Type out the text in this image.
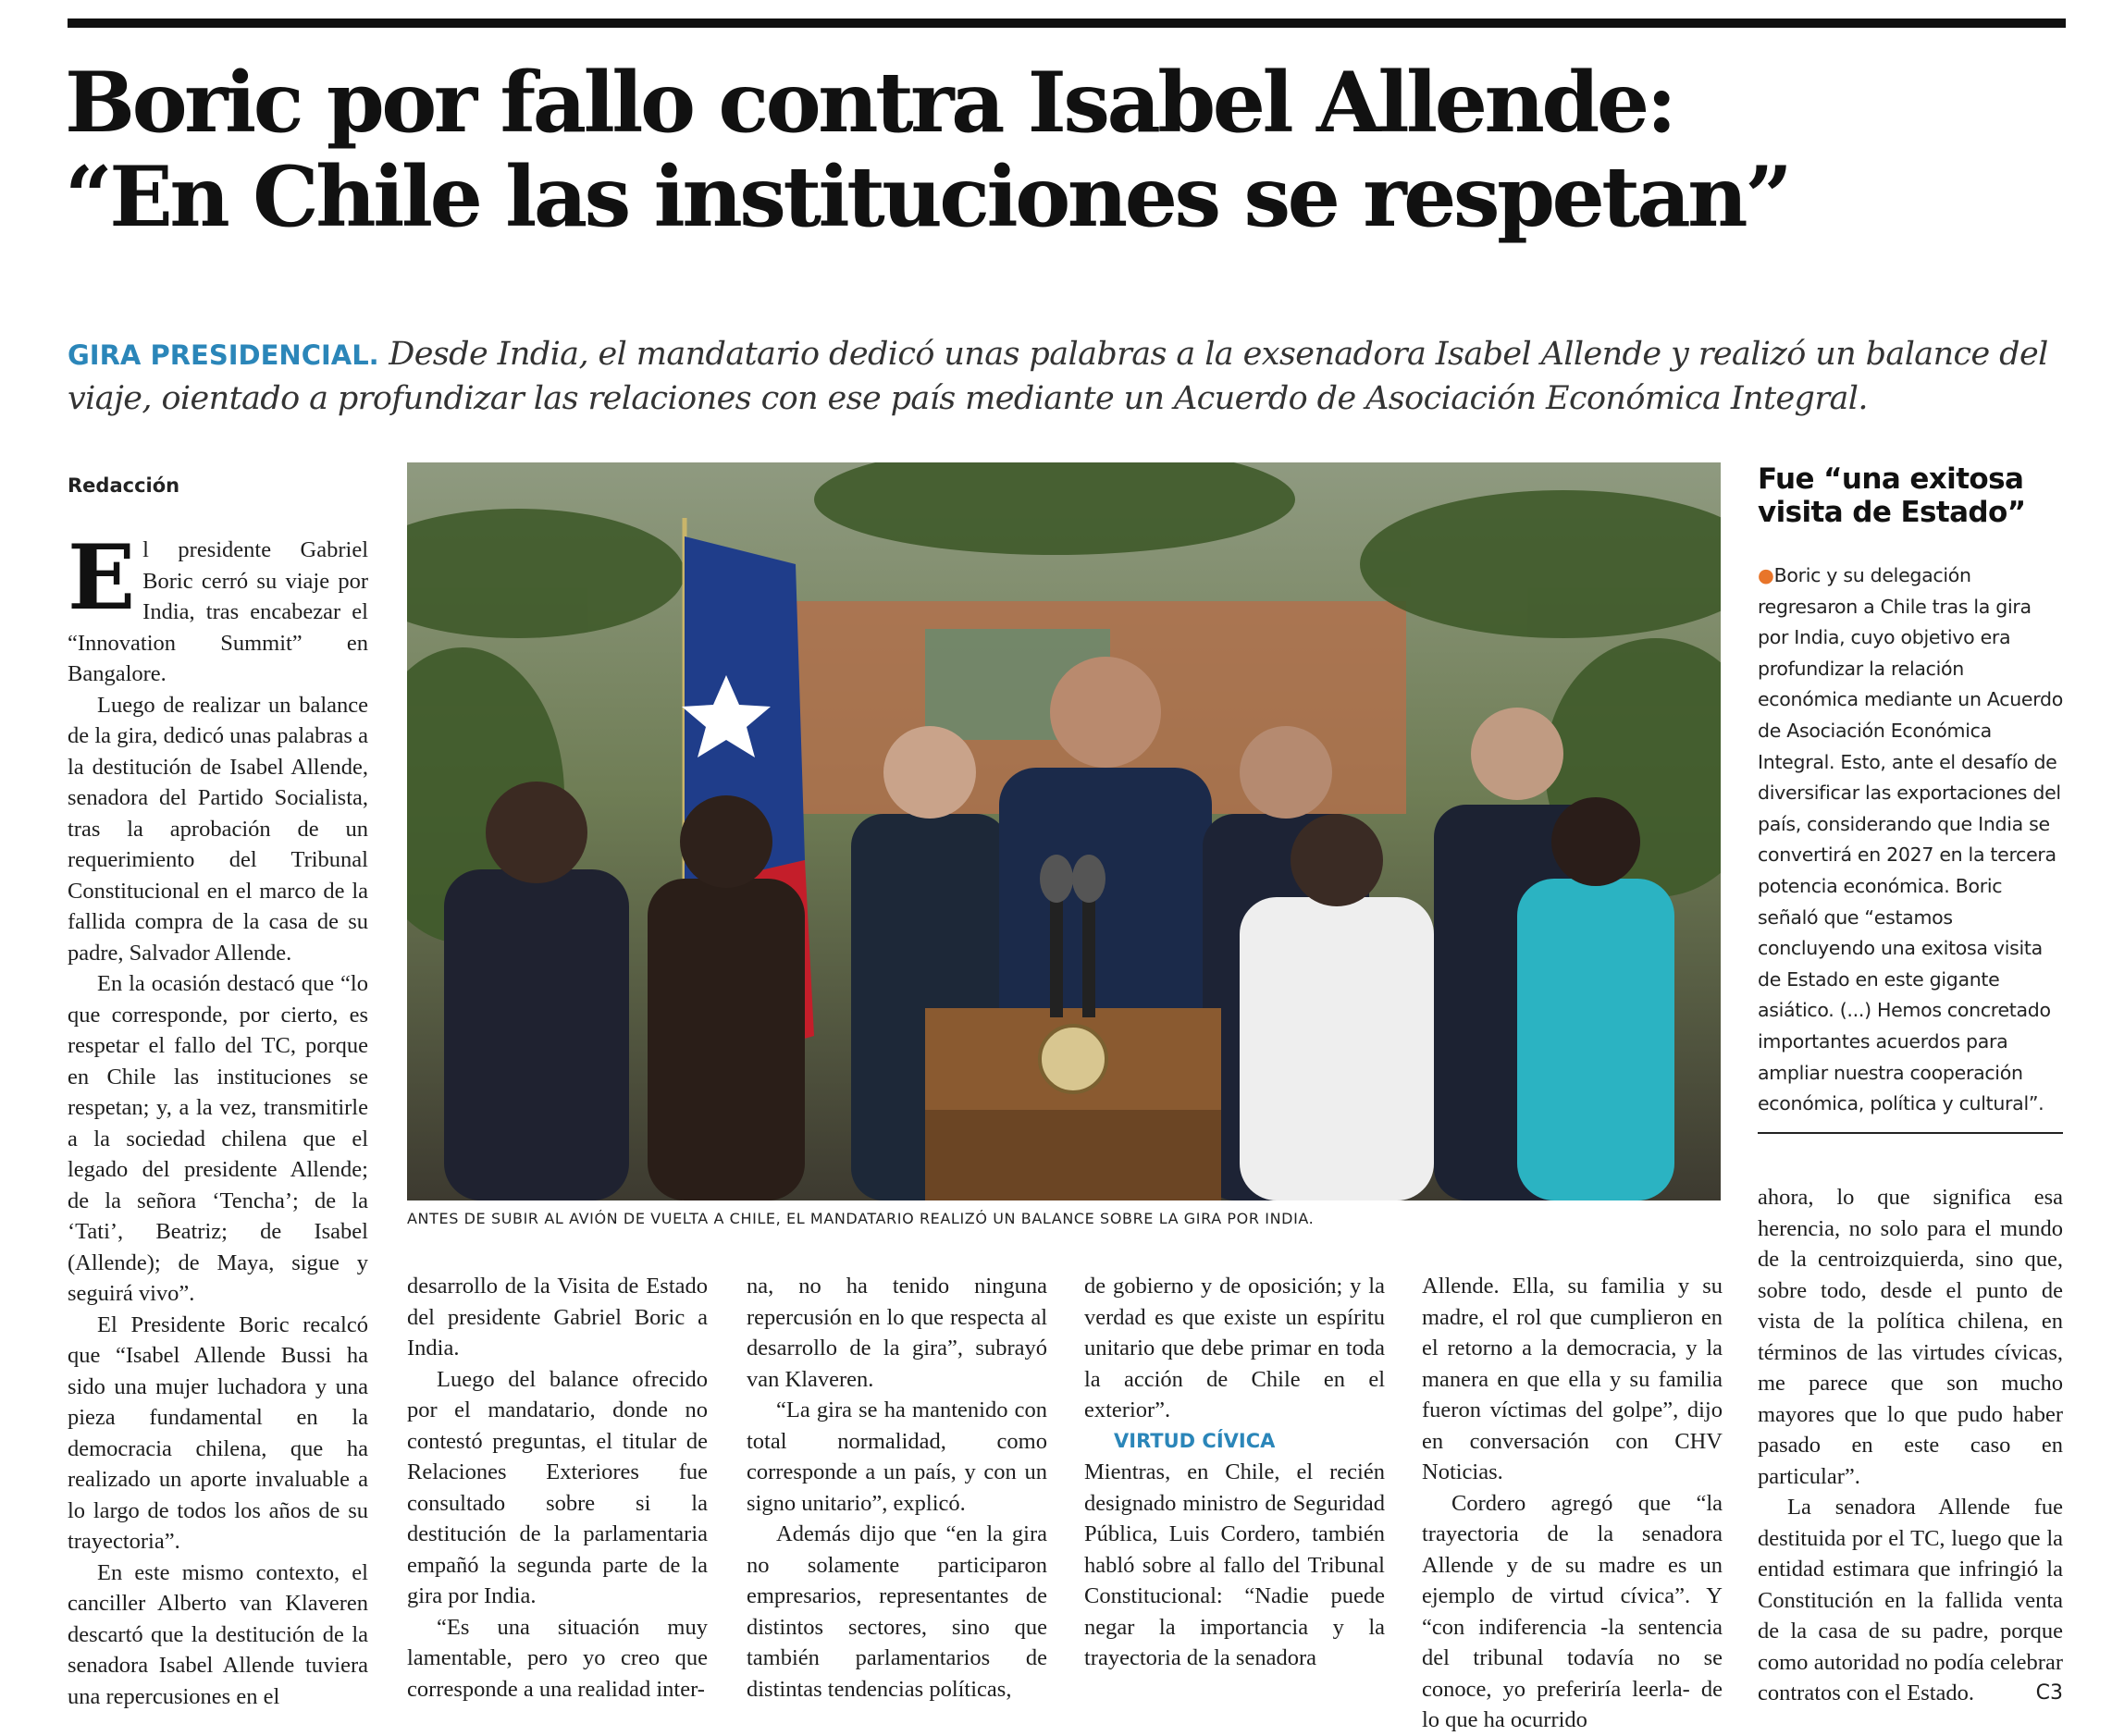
Boric por fallo contra Isabel Allende:
“En Chile las instituciones se respetan”
GIRA PRESIDENCIAL. Desde India, el mandatario dedicó unas palabras a la exsenadora Isabel Allende y realizó un balance del viaje, oientado a profundizar las relaciones con ese país mediante un Acuerdo de Asociación Económica Integral.
Redacción

El presidente Gabriel Boric cerró su viaje por India, tras encabezar el “Innovation Summit” en Bangalore.

Luego de realizar un balance de la gira, dedicó unas palabras a la destitución de Isabel Allende, senadora del Partido Socialista, tras la aprobación de un requerimiento del Tribunal Constitucional en el marco de la fallida compra de la casa de su padre, Salvador Allende.

En la ocasión destacó que “lo que corresponde, por cierto, es respetar el fallo del TC, porque en Chile las instituciones se respetan; y, a la vez, transmitirle a la sociedad chilena que el legado del presidente Allende; de la señora ‘Tencha’; de la ‘Tati’, Beatriz; de Isabel (Allende); de Maya, sigue y seguirá vivo”.

El Presidente Boric recalcó que “Isabel Allende Bussi ha sido una mujer luchadora y una pieza fundamental en la democracia chilena, que ha realizado un aporte invaluable a lo largo de todos los años de su trayectoria”.

En este mismo contexto, el canciller Alberto van Klaveren descartó que la destitución de la senadora Isabel Allende tuviera una repercusiones en el

desarrollo de la Visita de Estado del presidente Gabriel Boric a India.

Luego del balance ofrecido por el mandatario, donde no contestó preguntas, el titular de Relaciones Exteriores fue consultado sobre si la destitución de la parlamentaria empañó la segunda parte de la gira por India.

“Es una situación muy lamentable, pero yo creo que corresponde a una realidad inter-

na, no ha tenido ninguna repercusión en lo que respecta al desarrollo de la gira”, subrayó van Klaveren.

“La gira se ha mantenido con total normalidad, como corresponde a un país, y con un signo unitario”, explicó.

Además dijo que “en la gira no solamente participaron empresarios, representantes de distintos sectores, sino que también parlamentarios de distintas tendencias políticas,

de gobierno y de oposición; y la verdad es que existe un espíritu unitario que debe primar en toda la acción de Chile en el exterior”.

VIRTUD CÍVICA

Mientras, en Chile, el recién designado ministro de Seguridad Pública, Luis Cordero, también habló sobre al fallo del Tribunal Constitucional: “Nadie puede negar la importancia y la trayectoria de la senadora

Allende. Ella, su familia y su madre, el rol que cumplieron en el retorno a la democracia, y la manera en que ella y su familia fueron víctimas del golpe”, dijo en conversación con CHV Noticias.

Cordero agregó que “la trayectoria de la senadora Allende y de su madre es un ejemplo de virtud cívica”. Y “con indiferencia -la sentencia del tribunal todavía no se conoce, yo preferiría leerla- de lo que ha ocurrido

ahora, lo que significa esa herencia, no solo para el mundo de la centroizquierda, sino que, sobre todo, desde el punto de vista de la política chilena, en términos de las virtudes cívicas, me parece que son mucho mayores que lo que pudo haber pasado en este caso en particular”.

La senadora Allende fue destituida por el TC, luego que la entidad estimara que infringió la Constitución en la fallida venta de la casa de su padre, porque como autoridad no podía celebrar contratos con el Estado.	C3

ANTES DE SUBIR AL AVIÓN DE VUELTA A CHILE, EL MANDATARIO REALIZÓ UN BALANCE SOBRE LA GIRA POR INDIA.
Fue “una exitosa visita de Estado”
●Boric y su delegación regresaron a Chile tras la gira por India, cuyo objetivo era profundizar la relación económica mediante un Acuerdo de Asociación Económica Integral. Esto, ante el desafío de diversificar las exportaciones del país, considerando que India se convertirá en 2027 en la tercera potencia económica. Boric señaló que “estamos concluyendo una exitosa visita de Estado en este gigante asiático. (...) Hemos concretado importantes acuerdos para ampliar nuestra cooperación económica, política y cultural”.
